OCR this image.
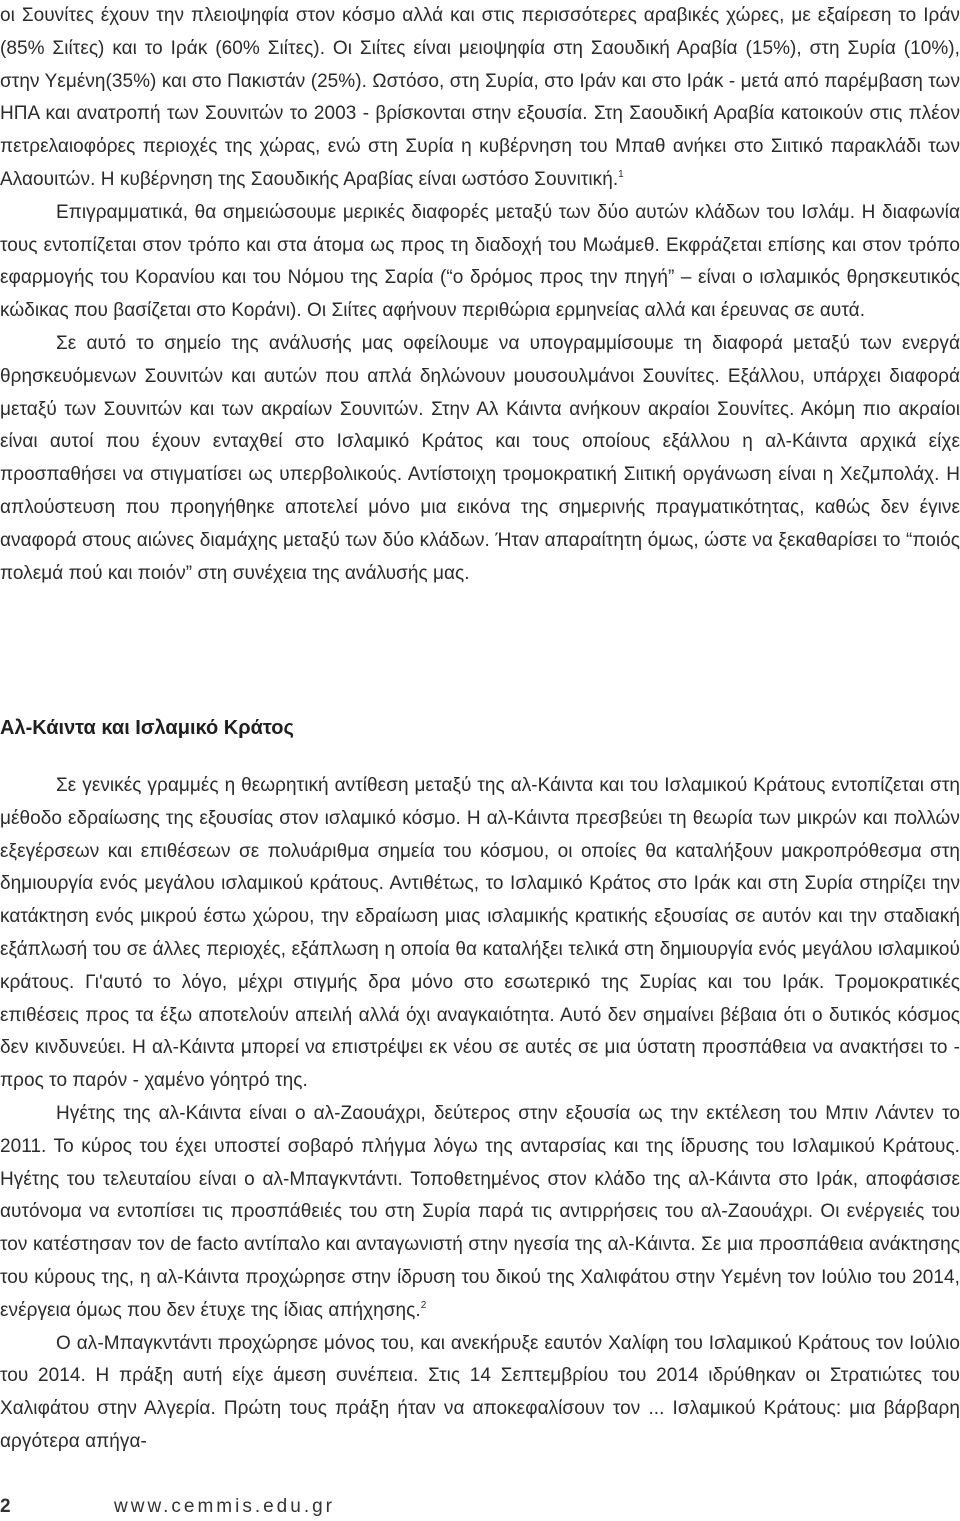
οι Σουνίτες έχουν την πλειοψηφία στον κόσμο αλλά και στις περισσότερες αραβικές χώρες, με εξαίρεση το Ιράν (85% Σιίτες) και το Ιράκ (60% Σιίτες). Οι Σιίτες είναι μειοψηφία στη Σαουδική Αραβία (15%), στη Συρία (10%), στην Υεμένη(35%) και στο Πακιστάν (25%). Ωστόσο, στη Συρία, στο Ιράν και στο Ιράκ - μετά από παρέμβαση των ΗΠΑ και ανατροπή των Σουνιτών το 2003 - βρίσκονται στην εξουσία. Στη Σαουδική Αραβία κατοικούν στις πλέον πετρελαιοφόρες περιοχές της χώρας, ενώ στη Συρία η κυβέρνηση του Μπαθ ανήκει στο Σιιτικό παρακλάδι των Αλαουιτών. Η κυβέρνηση της Σαουδικής Αραβίας είναι ωστόσο Σουνιτική.$^1$

Επιγραμματικά, θα σημειώσουμε μερικές διαφορές μεταξύ των δύο αυτών κλάδων του Ισλάμ. Η διαφωνία τους εντοπίζεται στον τρόπο και στα άτομα ως προς τη διαδοχή του Μωάμεθ. Εκφράζεται επίσης και στον τρόπο εφαρμογής του Κορανίου και του Νόμου της Σαρία (“ο δρόμος προς την πηγή” – είναι ο ισλαμικός θρησκευτικός κώδικας που βασίζεται στο Κοράνι). Οι Σιίτες αφήνουν περιθώρια ερμηνείας αλλά και έρευνας σε αυτά.

Σε αυτό το σημείο της ανάλυσής μας οφείλουμε να υπογραμμίσουμε τη διαφορά μεταξύ των ενεργά θρησκευόμενων Σουνιτών και αυτών που απλά δηλώνουν μουσουλμάνοι Σουνίτες. Εξάλλου, υπάρχει διαφορά μεταξύ των Σουνιτών και των ακραίων Σουνιτών. Στην Αλ Κάιντα ανήκουν ακραίοι Σουνίτες. Ακόμη πιο ακραίοι είναι αυτοί που έχουν ενταχθεί στο Ισλαμικό Κράτος και τους οποίους εξάλλου η αλ-Κάιντα αρχικά είχε προσπαθήσει να στιγματίσει ως υπερβολικούς. Αντίστοιχη τρομοκρατική Σιιτική οργάνωση είναι η Χεζμπολάχ. Η απλούστευση που προηγήθηκε αποτελεί μόνο μια εικόνα της σημερινής πραγματικότητας, καθώς δεν έγινε αναφορά στους αιώνες διαμάχης μεταξύ των δύο κλάδων. Ήταν απαραίτητη όμως, ώστε να ξεκαθαρίσει το “ποιός πολεμά πού και ποιόν” στη συνέχεια της ανάλυσής μας.

Αλ-Κάιντα και Ισλαμικό Κράτος

Σε γενικές γραμμές η θεωρητική αντίθεση μεταξύ της αλ-Κάιντα και του Ισλαμικού Κράτους εντοπίζεται στη μέθοδο εδραίωσης της εξουσίας στον ισλαμικό κόσμο. Η αλ-Κάιντα πρεσβεύει τη θεωρία των μικρών και πολλών εξεγέρσεων και επιθέσεων σε πολυάριθμα σημεία του κόσμου, οι οποίες θα καταλήξουν μακροπρόθεσμα στη δημιουργία ενός μεγάλου ισλαμικού κράτους. Αντιθέτως, το Ισλαμικό Κράτος στο Ιράκ και στη Συρία στηρίζει την κατάκτηση ενός μικρού έστω χώρου, την εδραίωση μιας ισλαμικής κρατικής εξουσίας σε αυτόν και την σταδιακή εξάπλωσή του σε άλλες περιοχές, εξάπλωση η οποία θα καταλήξει τελικά στη δημιουργία ενός μεγάλου ισλαμικού κράτους. Γι'αυτό το λόγο, μέχρι στιγμής δρα μόνο στο εσωτερικό της Συρίας και του Ιράκ. Τρομοκρατικές επιθέσεις προς τα έξω αποτελούν απειλή αλλά όχι αναγκαιότητα. Αυτό δεν σημαίνει βέβαια ότι ο δυτικός κόσμος δεν κινδυνεύει. Η αλ-Κάιντα μπορεί να επιστρέψει εκ νέου σε αυτές σε μια ύστατη προσπάθεια να ανακτήσει το - προς το παρόν - χαμένο γόητρό της.

Ηγέτης της αλ-Κάιντα είναι ο αλ-Ζαουάχρι, δεύτερος στην εξουσία ως την εκτέλεση του Μπιν Λάντεν το 2011. Το κύρος του έχει υποστεί σοβαρό πλήγμα λόγω της ανταρσίας και της ίδρυσης του Ισλαμικού Κράτους. Ηγέτης του τελευταίου είναι ο αλ-Μπαγκντάντι. Τοποθετημένος στον κλάδο της αλ-Κάιντα στο Ιράκ, αποφάσισε αυτόνομα να εντοπίσει τις προσπάθειές του στη Συρία παρά τις αντιρρήσεις του αλ-Ζαουάχρι. Οι ενέργειές του τον κατέστησαν τον de facto αντίπαλο και ανταγωνιστή στην ηγεσία της αλ-Κάιντα. Σε μια προσπάθεια ανάκτησης του κύρους της, η αλ-Κάιντα προχώρησε στην ίδρυση του δικού της Χαλιφάτου στην Υεμένη τον Ιούλιο του 2014, ενέργεια όμως που δεν έτυχε της ίδιας απήχησης.$^2$

Ο αλ-Μπαγκντάντι προχώρησε μόνος του, και ανεκήρυξε εαυτόν Χαλίφη του Ισλαμικού Κράτους τον Ιούλιο του 2014. Η πράξη αυτή είχε άμεση συνέπεια. Στις 14 Σεπτεμβρίου του 2014 ιδρύθηκαν οι Στρατιώτες του Χαλιφάτου στην Αλγερία. Πρώτη τους πράξη ήταν να αποκεφαλίσουν τον ... Ισλαμικού Κράτους: μια βάρβαρη αργότερα απήγα-

2	www.cemmis.edu.gr
